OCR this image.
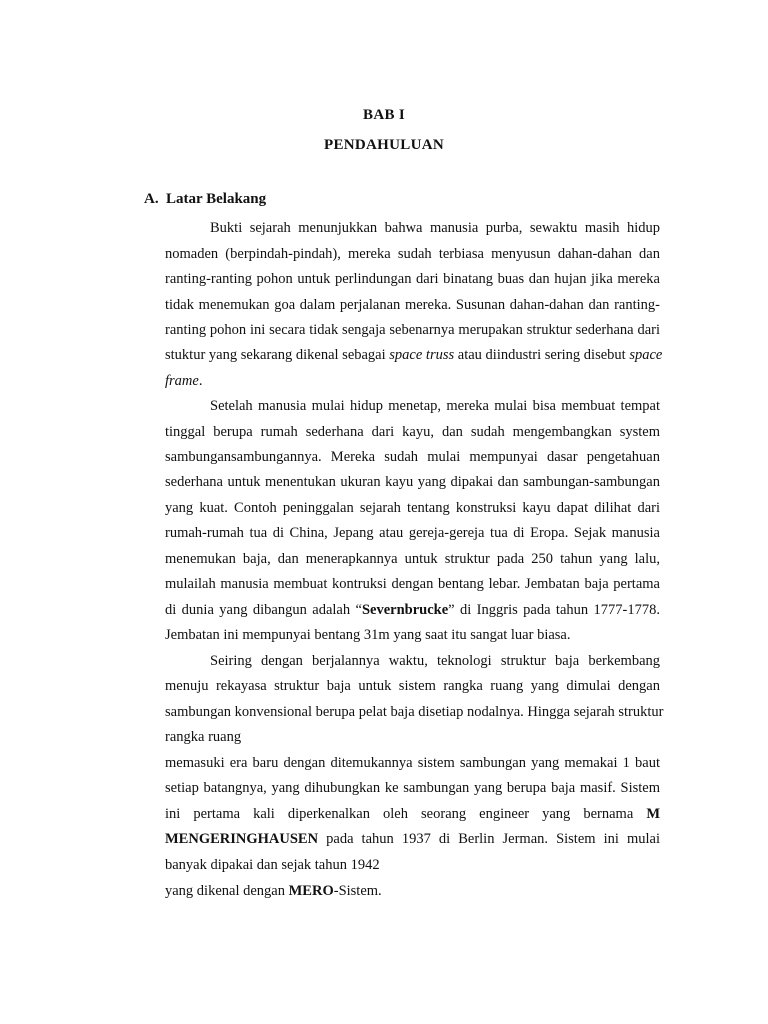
BAB I
PENDAHULUAN
A. Latar Belakang
Bukti sejarah menunjukkan bahwa manusia purba, sewaktu masih hidup
nomaden (berpindah-pindah), mereka sudah terbiasa menyusun dahan-dahan dan
ranting-ranting pohon untuk perlindungan dari binatang buas dan hujan jika mereka
tidak menemukan goa dalam perjalanan mereka. Susunan dahan-dahan dan ranting-
ranting pohon ini secara tidak sengaja sebenarnya merupakan struktur sederhana dari
stuktur yang sekarang dikenal sebagai space truss atau diindustri sering disebut space
frame.
Setelah manusia mulai hidup menetap, mereka mulai bisa membuat tempat
tinggal berupa rumah sederhana dari kayu, dan sudah mengembangkan system
sambungansambungannya. Mereka sudah mulai mempunyai dasar pengetahuan
sederhana untuk menentukan ukuran kayu yang dipakai dan sambungan-sambungan
yang kuat. Contoh peninggalan sejarah tentang konstruksi kayu dapat dilihat dari
rumah-rumah tua di China, Jepang atau gereja-gereja tua di Eropa. Sejak manusia
menemukan baja, dan menerapkannya untuk struktur pada 250 tahun yang lalu,
mulailah manusia membuat kontruksi dengan bentang lebar. Jembatan baja pertama
di dunia yang dibangun adalah “Severnbrucke” di Inggris pada tahun 1777-1778.
Jembatan ini mempunyai bentang 31m yang saat itu sangat luar biasa.
Seiring dengan berjalannya waktu, teknologi struktur baja berkembang
menuju rekayasa struktur baja untuk sistem rangka ruang yang dimulai dengan
sambungan konvensional berupa pelat baja disetiap nodalnya. Hingga sejarah struktur
rangka ruang
memasuki era baru dengan ditemukannya sistem sambungan yang memakai 1 baut
setiap batangnya, yang dihubungkan ke sambungan yang berupa baja masif. Sistem
ini pertama kali diperkenalkan oleh seorang engineer yang bernama M
MENGERINGHAUSEN pada tahun 1937 di Berlin Jerman. Sistem ini mulai
banyak dipakai dan sejak tahun 1942
yang dikenal dengan MERO-Sistem.
